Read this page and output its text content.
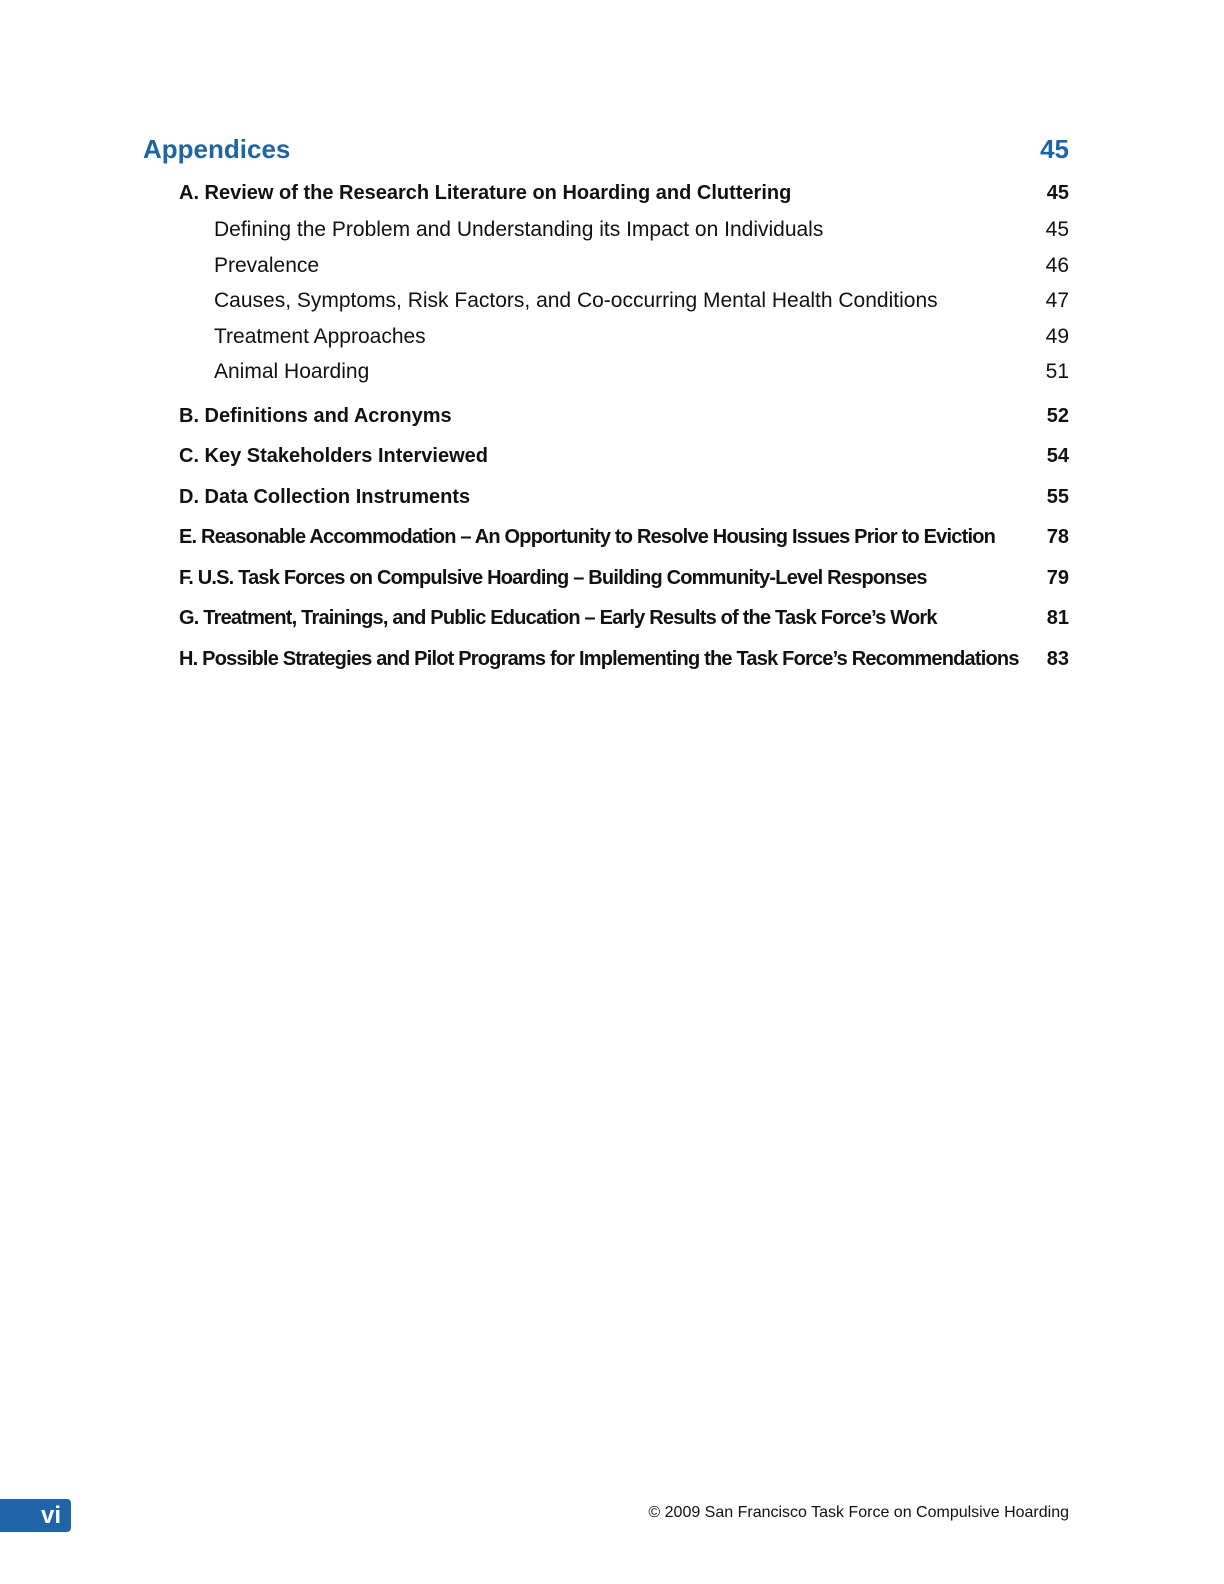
Appendices	45
A. Review of the Research Literature on Hoarding and Cluttering	45
Defining the Problem and Understanding its Impact on Individuals	45
Prevalence	46
Causes, Symptoms, Risk Factors, and Co-occurring Mental Health Conditions	47
Treatment Approaches	49
Animal Hoarding	51
B. Definitions and Acronyms	52
C. Key Stakeholders Interviewed	54
D. Data Collection Instruments	55
E. Reasonable Accommodation – An Opportunity to Resolve Housing Issues Prior to Eviction	78
F. U.S. Task Forces on Compulsive Hoarding – Building Community-Level Responses	79
G. Treatment, Trainings, and Public Education – Early Results of the Task Force’s Work	81
H. Possible Strategies and Pilot Programs for Implementing the Task Force’s Recommendations	83
vi	© 2009 San Francisco Task Force on Compulsive Hoarding
